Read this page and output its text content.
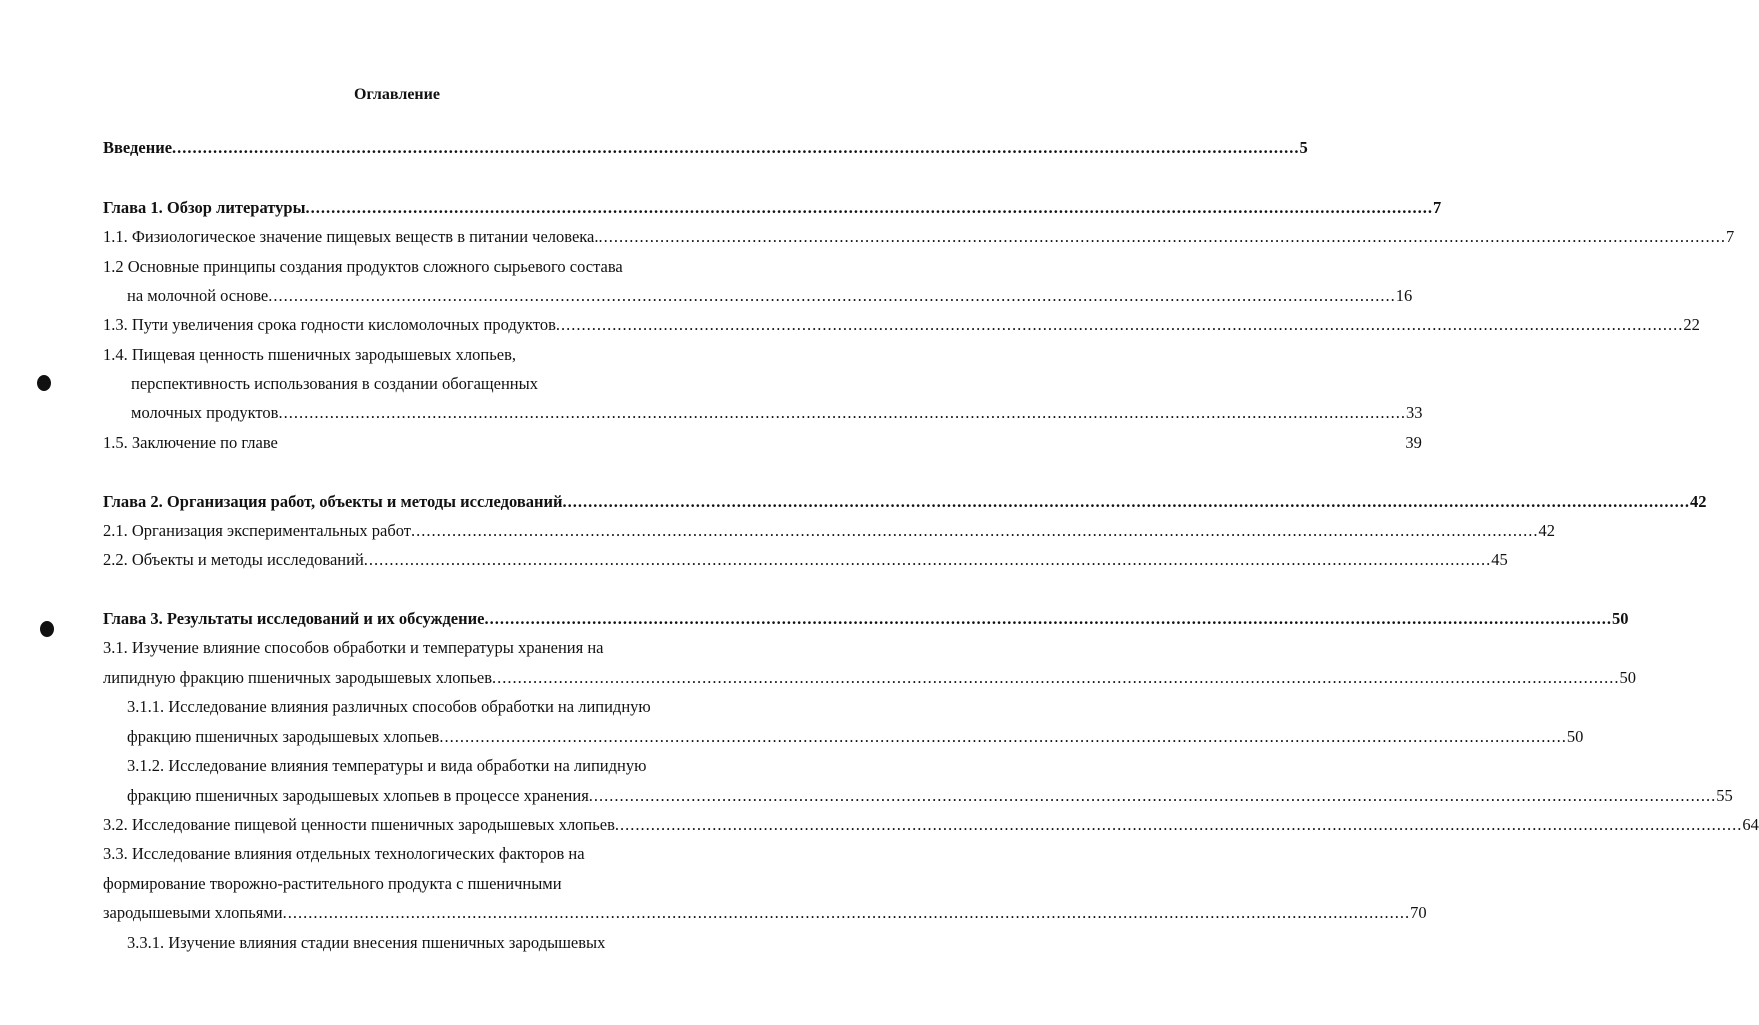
Оглавление
Введение ............................................................................................................................................................................................................................ 5
Глава 1. Обзор литературы ............................................................................................................................................................................................................................ 7
1.1. Физиологическое значение пищевых веществ в питании человека. ............................................................................................................................................................................................................................ 7
1.2 Основные принципы создания продуктов сложного сырьевого состава
на молочной основе ............................................................................................................................................................................................................................ 16
1.3. Пути увеличения срока годности кисломолочных продуктов ............................................................................................................................................................................................................................ 22
1.4. Пищевая ценность пшеничных зародышевых хлопьев,
перспективность использования в создании обогащенных
молочных продуктов ............................................................................................................................................................................................................................ 33
1.5. Заключение по главе	39
Глава 2. Организация работ, объекты и методы исследований ............................................................................................................................................................................................................................ 42
2.1. Организация экспериментальных работ ............................................................................................................................................................................................................................ 42
2.2. Объекты и методы исследований ............................................................................................................................................................................................................................ 45
Глава 3. Результаты исследований и их обсуждение ............................................................................................................................................................................................................................ 50
3.1. Изучение влияние способов обработки и температуры хранения на
липидную фракцию пшеничных зародышевых хлопьев ............................................................................................................................................................................................................................ 50
3.1.1. Исследование влияния различных способов обработки на липидную
фракцию пшеничных зародышевых хлопьев ............................................................................................................................................................................................................................ 50
3.1.2. Исследование влияния температуры и вида обработки на липидную
фракцию пшеничных зародышевых хлопьев в процессе хранения ............................................................................................................................................................................................................................ 55
3.2. Исследование пищевой ценности пшеничных зародышевых хлопьев ............................................................................................................................................................................................................................ 64
3.3. Исследование влияния отдельных технологических факторов на
формирование творожно-растительного продукта с пшеничными
зародышевыми хлопьями ............................................................................................................................................................................................................................ 70
3.3.1. Изучение влияния стадии внесения пшеничных зародышевых
